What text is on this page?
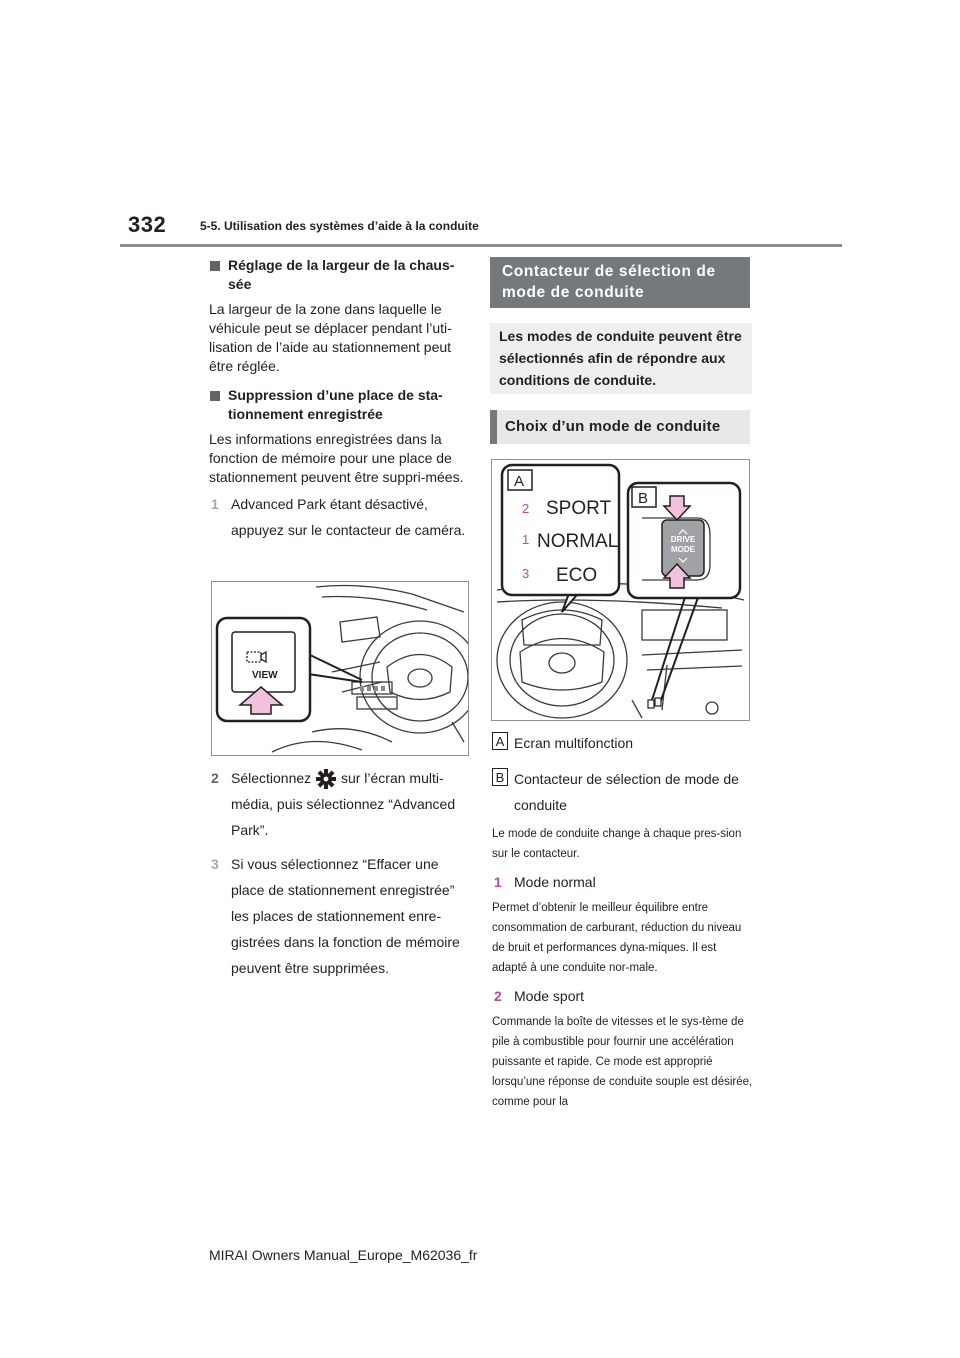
332	5-5. Utilisation des systèmes d’aide à la conduite
Réglage de la largeur de la chaus-
sée
La largeur de la zone dans laquelle le véhicule peut se déplacer pendant l’uti-lisation de l’aide au stationnement peut être réglée.
Suppression d’une place de sta-
tionnement enregistrée
Les informations enregistrées dans la fonction de mémoire pour une place de stationnement peuvent être suppri-mées.
1 Advanced Park étant désactivé, appuyez sur le contacteur de caméra.
VIEW
2 Sélectionnez sur l’écran multi-média, puis sélectionnez “Advanced Park”.
3 Si vous sélectionnez “Effacer une place de stationnement enregistrée” les places de stationnement enre-gistrées dans la fonction de mémoire peuvent être supprimées.
Contacteur de sélection de
mode de conduite
Les modes de conduite peuvent être sélectionnés afin de répondre aux conditions de conduite.
Choix d’un mode de conduite
A
2 SPORT
1 NORMAL
3 ECO
B
DRIVE
MODE
A Ecran multifonction
B Contacteur de sélection de mode de conduite
Le mode de conduite change à chaque pres-sion sur le contacteur.
1 Mode normal
Permet d’obtenir le meilleur équilibre entre consommation de carburant, réduction du niveau de bruit et performances dyna-miques. Il est adapté à une conduite nor-male.
2 Mode sport
Commande la boîte de vitesses et le sys-tème de pile à combustible pour fournir une accélération puissante et rapide. Ce mode est approprié lorsqu’une réponse de conduite souple est désirée, comme pour la
MIRAI Owners Manual_Europe_M62036_fr
